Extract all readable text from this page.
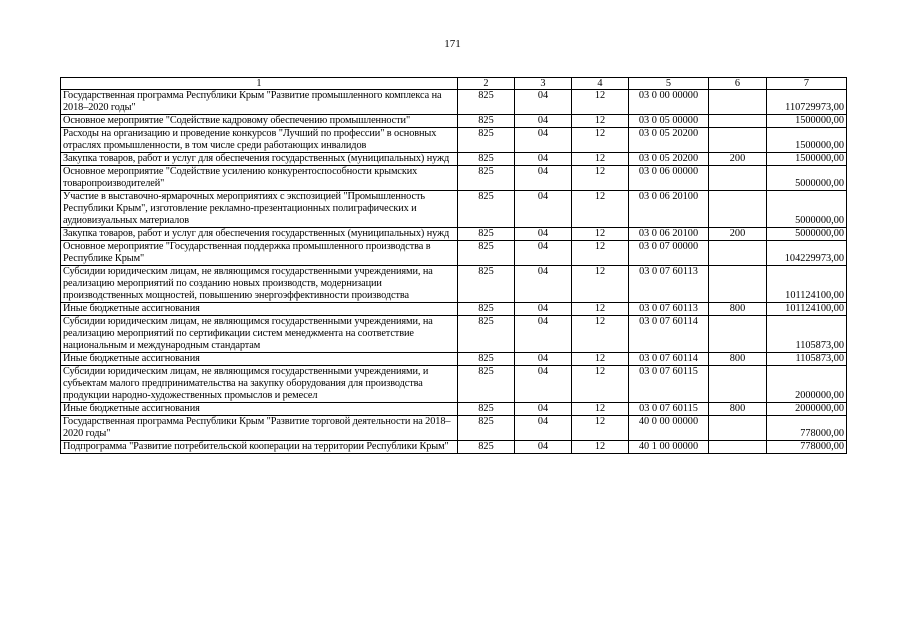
171
1	2	3	4	5	6	7
Государственная программа Республики Крым "Развитие промышленного комплекса на 2018–2020 годы"	825	04	12	03 0 00 00000		110729973,00
Основное мероприятие "Содействие кадровому обеспечению промышленности"	825	04	12	03 0 05 00000		1500000,00
Расходы на организацию и проведение конкурсов "Лучший по профессии" в основных отраслях промышленности, в том числе среди работающих инвалидов	825	04	12	03 0 05 20200		1500000,00
Закупка товаров, работ и услуг для обеспечения государственных (муниципальных) нужд	825	04	12	03 0 05 20200	200	1500000,00
Основное мероприятие "Содействие усилению конкурентоспособности крымских товаропроизводителей"	825	04	12	03 0 06 00000		5000000,00
Участие в выставочно-ярмарочных мероприятиях с экспозицией "Промышленность Республики Крым", изготовление рекламно-презентационных полиграфических и аудиовизуальных материалов	825	04	12	03 0 06 20100		5000000,00
Закупка товаров, работ и услуг для обеспечения государственных (муниципальных) нужд	825	04	12	03 0 06 20100	200	5000000,00
Основное мероприятие "Государственная поддержка промышленного производства в Республике Крым"	825	04	12	03 0 07 00000		104229973,00
Субсидии юридическим лицам, не являющимся государственными учреждениями, на реализацию мероприятий по созданию новых производств, модернизации производственных мощностей, повышению энергоэффективности производства	825	04	12	03 0 07 60113		101124100,00
Иные бюджетные ассигнования	825	04	12	03 0 07 60113	800	101124100,00
Субсидии юридическим лицам, не являющимся государственными учреждениями, на реализацию мероприятий по сертификации систем менеджмента на соответствие национальным и международным стандартам	825	04	12	03 0 07 60114		1105873,00
Иные бюджетные ассигнования	825	04	12	03 0 07 60114	800	1105873,00
Субсидии юридическим лицам, не являющимся государственными учреждениями, и субъектам малого предпринимательства на закупку оборудования для производства продукции народно-художественных промыслов и ремесел	825	04	12	03 0 07 60115		2000000,00
Иные бюджетные ассигнования	825	04	12	03 0 07 60115	800	2000000,00
Государственная программа Республики Крым "Развитие торговой деятельности на 2018–2020 годы"	825	04	12	40 0 00 00000		778000,00
Подпрограмма "Развитие потребительской кооперации на территории Республики Крым"	825	04	12	40 1 00 00000		778000,00
